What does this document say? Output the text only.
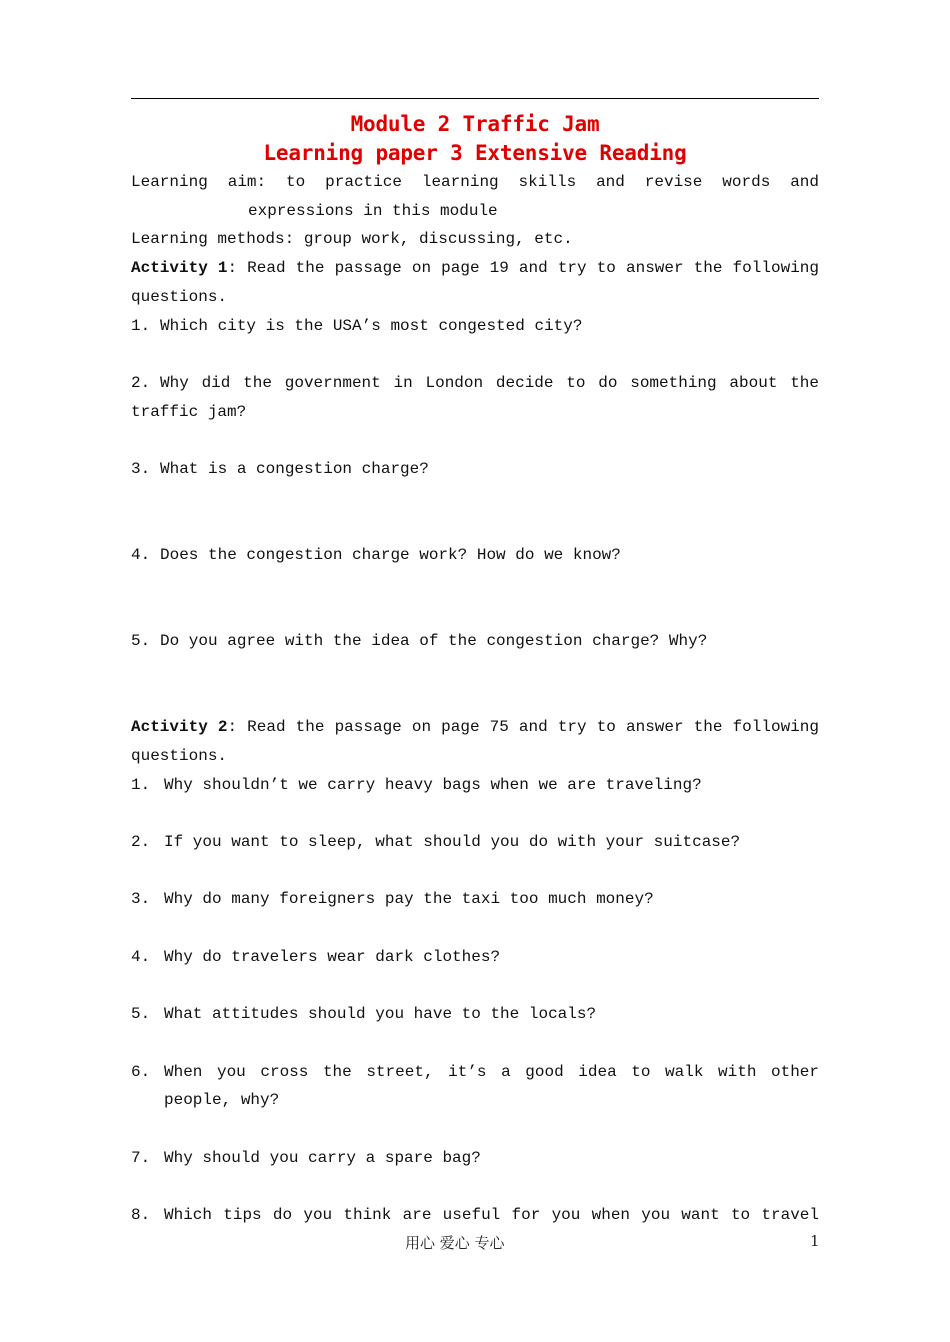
Module 2 Traffic Jam
Learning paper 3 Extensive Reading
Learning aim: to practice learning skills and revise words and
expressions in this module
Learning methods: group work, discussing, etc.
Activity 1: Read the passage on page 19 and try to answer the following
questions.
1. Which city is the USA’s most congested city?
2. Why did the government in London decide to do something about the
traffic jam?
3. What is a congestion charge?
4. Does the congestion charge work? How do we know?
5. Do you agree with the idea of the congestion charge? Why?
Activity 2: Read the passage on page 75 and try to answer the following
questions.
1. Why shouldn’t we carry heavy bags when we are traveling?
2. If you want to sleep, what should you do with your suitcase?
3. Why do many foreigners pay the taxi too much money?
4. Why do travelers wear dark clothes?
5. What attitudes should you have to the locals?
6. When you cross the street, it’s a good idea to walk with other
people, why?
7. Why should you carry a spare bag?
8. Which tips do you think are useful for you when you want to travel
用心 爱心 专心	1
